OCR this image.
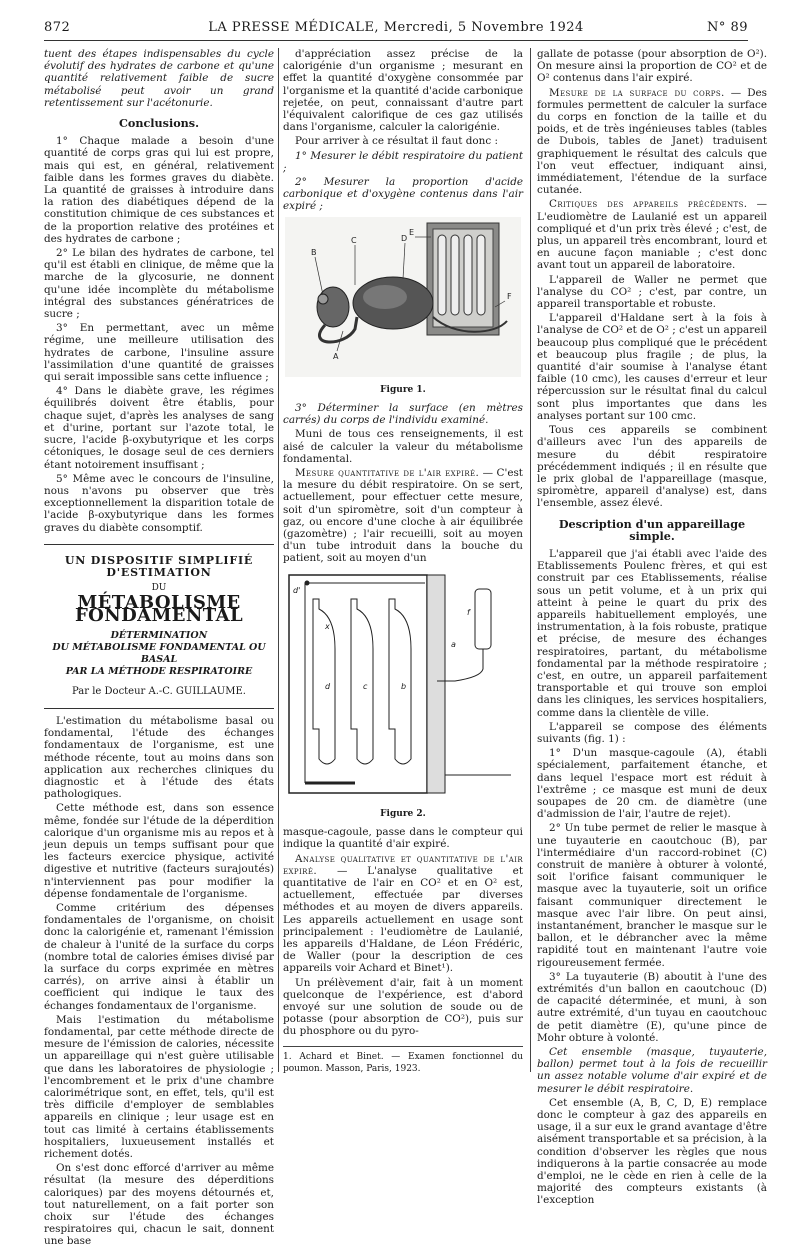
872	LA PRESSE MÉDICALE, Mercredi, 5 Novembre 1924	N° 89

tuent des étapes indispensables du cycle évolutif des hydrates de carbone et qu'une quantité relativement faible de sucre métabolisé peut avoir un grand retentissement sur l'acétonurie.

Conclusions.

1° Chaque malade a besoin d'une quantité de corps gras qui lui est propre, mais qui est, en général, relativement faible dans les formes graves du diabète. La quantité de graisses à introduire dans la ration des diabétiques dépend de la constitution chimique de ces substances et de la proportion relative des protéines et des hydrates de carbone ;

2° Le bilan des hydrates de carbone, tel qu'il est établi en clinique, de même que la marche de la glycosurie, ne donnent qu'une idée incomplète du métabolisme intégral des substances génératrices de sucre ;

3° En permettant, avec un même régime, une meilleure utilisation des hydrates de carbone, l'insuline assure l'assimilation d'une quantité de graisses qui serait impossible sans cette influence ;

4° Dans le diabète grave, les régimes équilibrés doivent être établis, pour chaque sujet, d'après les analyses de sang et d'urine, portant sur l'azote total, le sucre, l'acide β-oxybutyrique et les corps cétoniques, le dosage seul de ces derniers étant notoirement insuffisant ;

5° Même avec le concours de l'insuline, nous n'avons pu observer que très exceptionnellement la disparition totale de l'acide β-oxybutyrique dans les formes graves du diabète consomptif.

UN DISPOSITIF SIMPLIFIÉ D'ESTIMATION
DU
MÉTABOLISME FONDAMENTAL
DÉTERMINATION
DU MÉTABOLISME FONDAMENTAL OU BASAL
PAR LA MÉTHODE RESPIRATOIRE
Par le Docteur A.-C. GUILLAUME.

L'estimation du métabolisme basal ou fondamental, l'étude des échanges fondamentaux de l'organisme, est une méthode récente, tout au moins dans son application aux recherches cliniques du diagnostic et à l'étude des états pathologiques.

Cette méthode est, dans son essence même, fondée sur l'étude de la déperdition calorique d'un organisme mis au repos et à jeun depuis un temps suffisant pour que les facteurs exercice physique, activité digestive et nutritive (facteurs surajoutés) n'interviennent pas pour modifier la dépense fondamentale de l'organisme.

Comme critérium des dépenses fondamentales de l'organisme, on choisit donc la calorigénie et, ramenant l'émission de chaleur à l'unité de la surface du corps (nombre total de calories émises divisé par la surface du corps exprimée en mètres carrés), on arrive ainsi à établir un coefficient qui indique le taux des échanges fondamentaux de l'organisme.

Mais l'estimation du métabolisme fondamental, par cette méthode directe de mesure de l'émission de calories, nécessite un appareillage qui n'est guère utilisable que dans les laboratoires de physiologie ; l'encombrement et le prix d'une chambre calorimétrique sont, en effet, tels, qu'il est très difficile d'employer de semblables appareils en clinique ; leur usage est en tout cas limité à certains établissements hospitaliers, luxueusement installés et richement dotés.

On s'est donc efforcé d'arriver au même résultat (la mesure des déperditions caloriques) par des moyens détournés et, tout naturellement, on a fait porter son choix sur l'étude des échanges respiratoires qui, chacun le sait, donnent une base

d'appréciation assez précise de la calorigénie d'un organisme ; mesurant en effet la quantité d'oxygène consommée par l'organisme et la quantité d'acide carbonique rejetée, on peut, connaissant d'autre part l'équivalent calorifique de ces gaz utilisés dans l'organisme, calculer la calorigénie.

Pour arriver à ce résultat il faut donc :

1° Mesurer le débit respiratoire du patient ;

2° Mesurer la proportion d'acide carbonique et d'oxygène contenus dans l'air expiré ;

B
C	D
E
F
A
Figure 1.

3° Déterminer la surface (en mètres carrés) du corps de l'individu examiné.

Muni de tous ces renseignements, il est aisé de calculer la valeur du métabolisme fondamental.

Mesure quantitative de l'air expiré. — C'est la mesure du débit respiratoire. On se sert, actuellement, pour effectuer cette mesure, soit d'un spiromètre, soit d'un compteur à gaz, ou encore d'une cloche à air équilibrée (gazomètre) ; l'air recueilli, soit au moyen d'un tube introduit dans la bouche du patient, soit au moyen d'un

d	c	b
a
f
d'
x
Figure 2.

masque-cagoule, passe dans le compteur qui indique la quantité d'air expiré.

Analyse qualitative et quantitative de l'air expiré. — L'analyse qualitative et quantitative de l'air en CO² et en O² est, actuellement, effectuée par diverses méthodes et au moyen de divers appareils. Les appareils actuellement en usage sont principalement : l'eudiomètre de Laulanié, les appareils d'Haldane, de Léon Frédéric, de Waller (pour la description de ces appareils voir Achard et Binet¹).

Un prélèvement d'air, fait à un moment quelconque de l'expérience, est d'abord envoyé sur une solution de soude ou de potasse (pour absorption de CO²), puis sur du phosphore ou du pyro-

1. Achard et Binet. — Examen fonctionnel du poumon. Masson, Paris, 1923.

gallate de potasse (pour absorption de O²). On mesure ainsi la proportion de CO² et de O² contenus dans l'air expiré.

Mesure de la surface du corps. — Des formules permettent de calculer la surface du corps en fonction de la taille et du poids, et de très ingénieuses tables (tables de Dubois, tables de Janet) traduisent graphiquement le résultat des calculs que l'on veut effectuer, indiquant ainsi, immédiatement, l'étendue de la surface cutanée.

Critiques des appareils précédents. — L'eudiomètre de Laulanié est un appareil compliqué et d'un prix très élevé ; c'est, de plus, un appareil très encombrant, lourd et en aucune façon maniable ; c'est donc avant tout un appareil de laboratoire.

L'appareil de Waller ne permet que l'analyse du CO² ; c'est, par contre, un appareil transportable et robuste.

L'appareil d'Haldane sert à la fois à l'analyse de CO² et de O² ; c'est un appareil beaucoup plus compliqué que le précédent et beaucoup plus fragile ; de plus, la quantité d'air soumise à l'analyse étant faible (10 cmc), les causes d'erreur et leur répercussion sur le résultat final du calcul sont plus importantes que dans les analyses portant sur 100 cmc.

Tous ces appareils se combinent d'ailleurs avec l'un des appareils de mesure du débit respiratoire précédemment indiqués ; il en résulte que le prix global de l'appareillage (masque, spiromètre, appareil d'analyse) est, dans l'ensemble, assez élevé.

Description d'un appareillage simple.

L'appareil que j'ai établi avec l'aide des Etablissements Poulenc frères, et qui est construit par ces Etablissements, réalise sous un petit volume, et à un prix qui atteint à peine le quart du prix des appareils habituellement employés, une instrumentation, à la fois robuste, pratique et précise, de mesure des échanges respiratoires, partant, du métabolisme fondamental par la méthode respiratoire ; c'est, en outre, un appareil parfaitement transportable et qui trouve son emploi dans les cliniques, les services hospitaliers, comme dans la clientèle de ville.

L'appareil se compose des éléments suivants (fig. 1) :

1° D'un masque-cagoule (A), établi spécialement, parfaitement étanche, et dans lequel l'espace mort est réduit à l'extrême ; ce masque est muni de deux soupapes de 20 cm. de diamètre (une d'admission de l'air, l'autre de rejet).

2° Un tube permet de relier le masque à une tuyauterie en caoutchouc (B), par l'intermédiaire d'un raccord-robinet (C) construit de manière à obturer à volonté, soit l'orifice faisant communiquer le masque avec la tuyauterie, soit un orifice faisant communiquer directement le masque avec l'air libre. On peut ainsi, instantanément, brancher le masque sur le ballon, et le débrancher avec la même rapidité tout en maintenant l'autre voie rigoureusement fermée.

3° La tuyauterie (B) aboutit à l'une des extrémités d'un ballon en caoutchouc (D) de capacité déterminée, et muni, à son autre extrémité, d'un tuyau en caoutchouc de petit diamètre (E), qu'une pince de Mohr obture à volonté.

Cet ensemble (masque, tuyauterie, ballon) permet tout à la fois de recueillir un assez notable volume d'air expiré et de mesurer le débit respiratoire.

Cet ensemble (A, B, C, D, E) remplace donc le compteur à gaz des appareils en usage, il a sur eux le grand avantage d'être aisément transportable et sa précision, à la condition d'observer les règles que nous indiquerons à la partie consacrée au mode d'emploi, ne le cède en rien à celle de la majorité des compteurs existants (à l'exception
